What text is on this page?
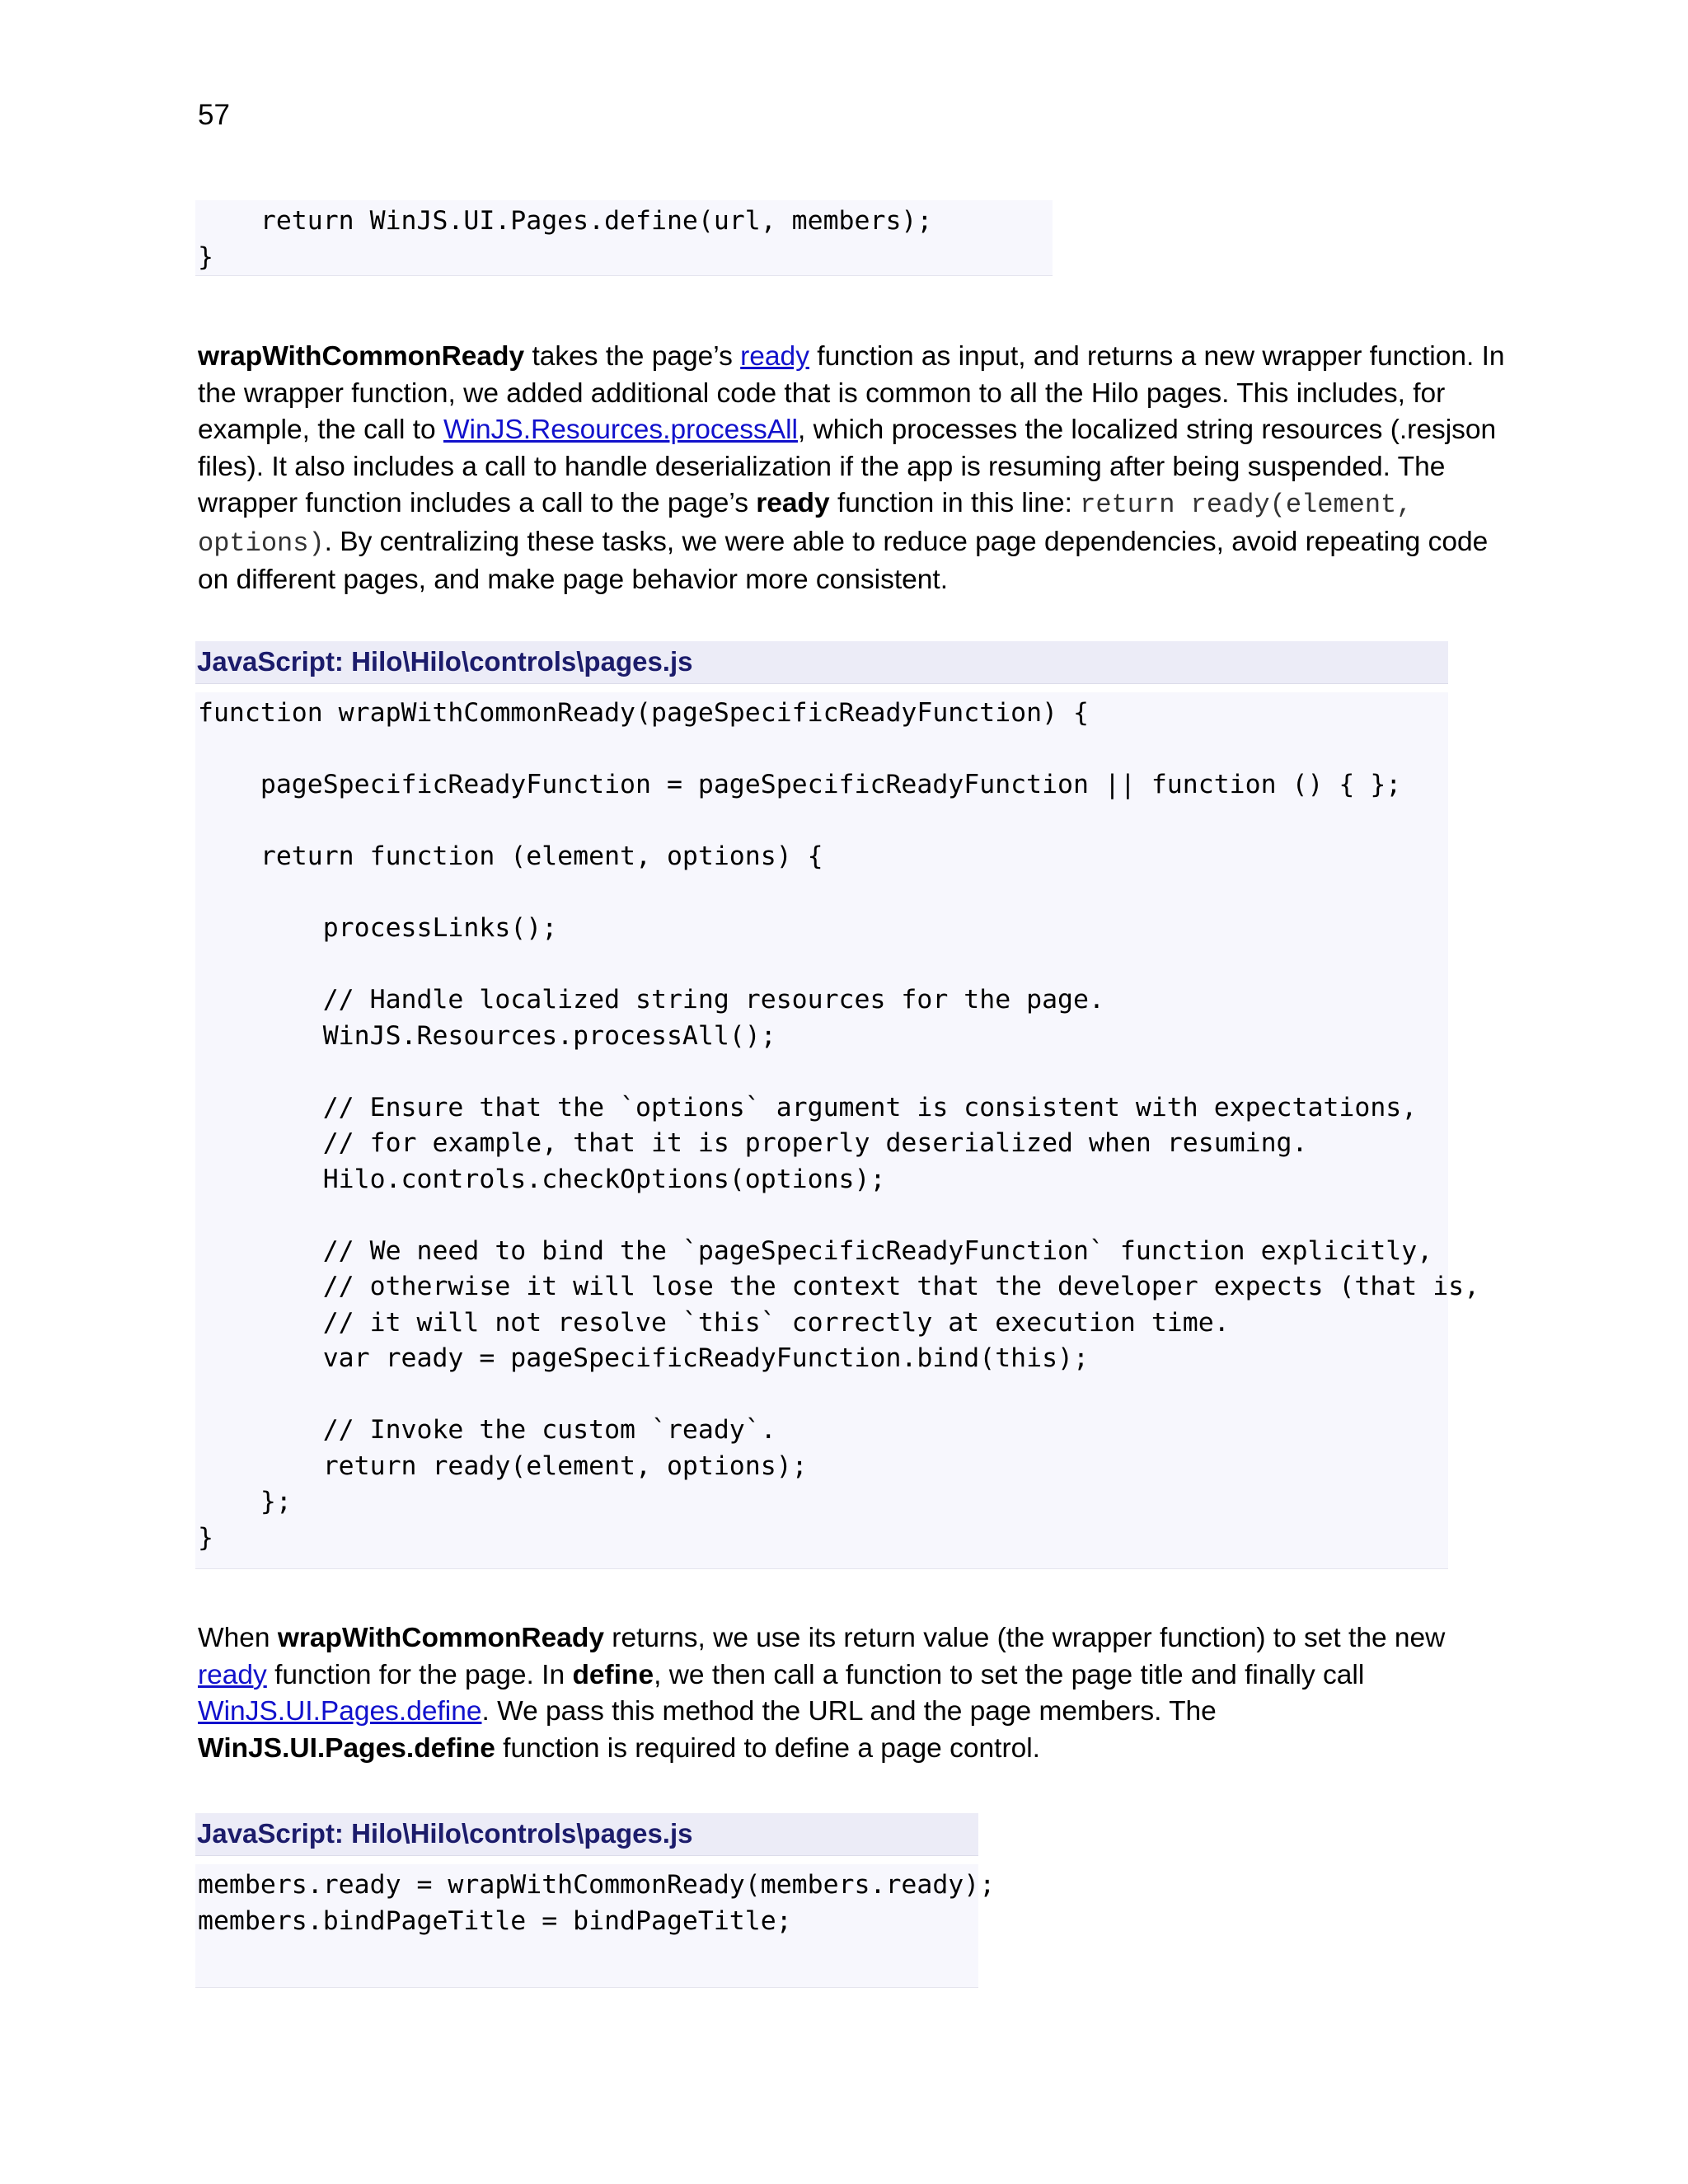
57
return WinJS.UI.Pages.define(url, members);
}
wrapWithCommonReady takes the page’s ready function as input, and returns a new wrapper function. In the wrapper function, we added additional code that is common to all the Hilo pages. This includes, for example, the call to WinJS.Resources.processAll, which processes the localized string resources (.resjson files). It also includes a call to handle deserialization if the app is resuming after being suspended. The wrapper function includes a call to the page’s ready function in this line: return ready(element, options). By centralizing these tasks, we were able to reduce page dependencies, avoid repeating code on different pages, and make page behavior more consistent.
JavaScript: Hilo\Hilo\controls\pages.js
function wrapWithCommonReady(pageSpecificReadyFunction) {

pageSpecificReadyFunction = pageSpecificReadyFunction || function () { };

return function (element, options) {

processLinks();

// Handle localized string resources for the page.
WinJS.Resources.processAll();

// Ensure that the `options` argument is consistent with expectations,
// for example, that it is properly deserialized when resuming.
Hilo.controls.checkOptions(options);

// We need to bind the `pageSpecificReadyFunction` function explicitly,
// otherwise it will lose the context that the developer expects (that is,
// it will not resolve `this` correctly at execution time.
var ready = pageSpecificReadyFunction.bind(this);

// Invoke the custom `ready`.
return ready(element, options);
};
}
When wrapWithCommonReady returns, we use its return value (the wrapper function) to set the new ready function for the page. In define, we then call a function to set the page title and finally call WinJS.UI.Pages.define. We pass this method the URL and the page members. The WinJS.UI.Pages.define function is required to define a page control.
JavaScript: Hilo\Hilo\controls\pages.js
members.ready = wrapWithCommonReady(members.ready);
members.bindPageTitle = bindPageTitle;
